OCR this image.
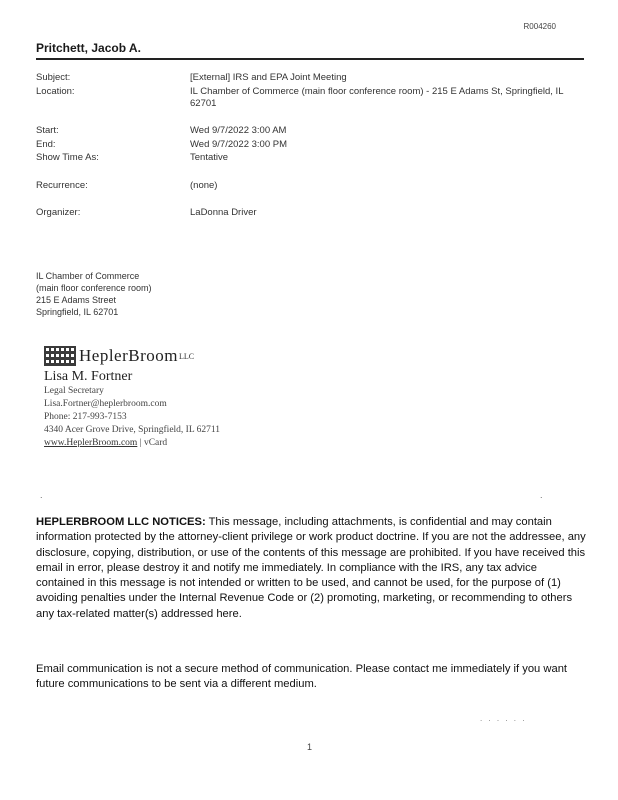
R004260
Pritchett, Jacob A.
Subject:	[External] IRS and EPA Joint Meeting
Location:	IL Chamber of Commerce (main floor conference room) - 215 E Adams St, Springfield, IL 62701
Start:	Wed 9/7/2022 3:00 AM
End:	Wed 9/7/2022 3:00 PM
Show Time As:	Tentative
Recurrence:	(none)
Organizer:	LaDonna Driver
IL Chamber of Commerce
(main floor conference room)
215 E Adams Street
Springfield, IL 62701
HeplerBroom LLC
Lisa M. Fortner
Legal Secretary
Lisa.Fortner@heplerbroom.com
Phone: 217-993-7153
4340 Acer Grove Drive, Springfield, IL 62711
www.HeplerBroom.com | vCard
.	.
HEPLERBROOM LLC NOTICES: This message, including attachments, is confidential and may contain information protected by the attorney-client privilege or work product doctrine. If you are not the addressee, any disclosure, copying, distribution, or use of the contents of this message are prohibited. If you have received this email in error, please destroy it and notify me immediately. In compliance with the IRS, any tax advice contained in this message is not intended or written to be used, and cannot be used, for the purpose of (1) avoiding penalties under the Internal Revenue Code or (2) promoting, marketing, or recommending to others any tax-related matter(s) addressed here.
Email communication is not a secure method of communication. Please contact me immediately if you want future communications to be sent via a different medium.
. . . . . .
1
